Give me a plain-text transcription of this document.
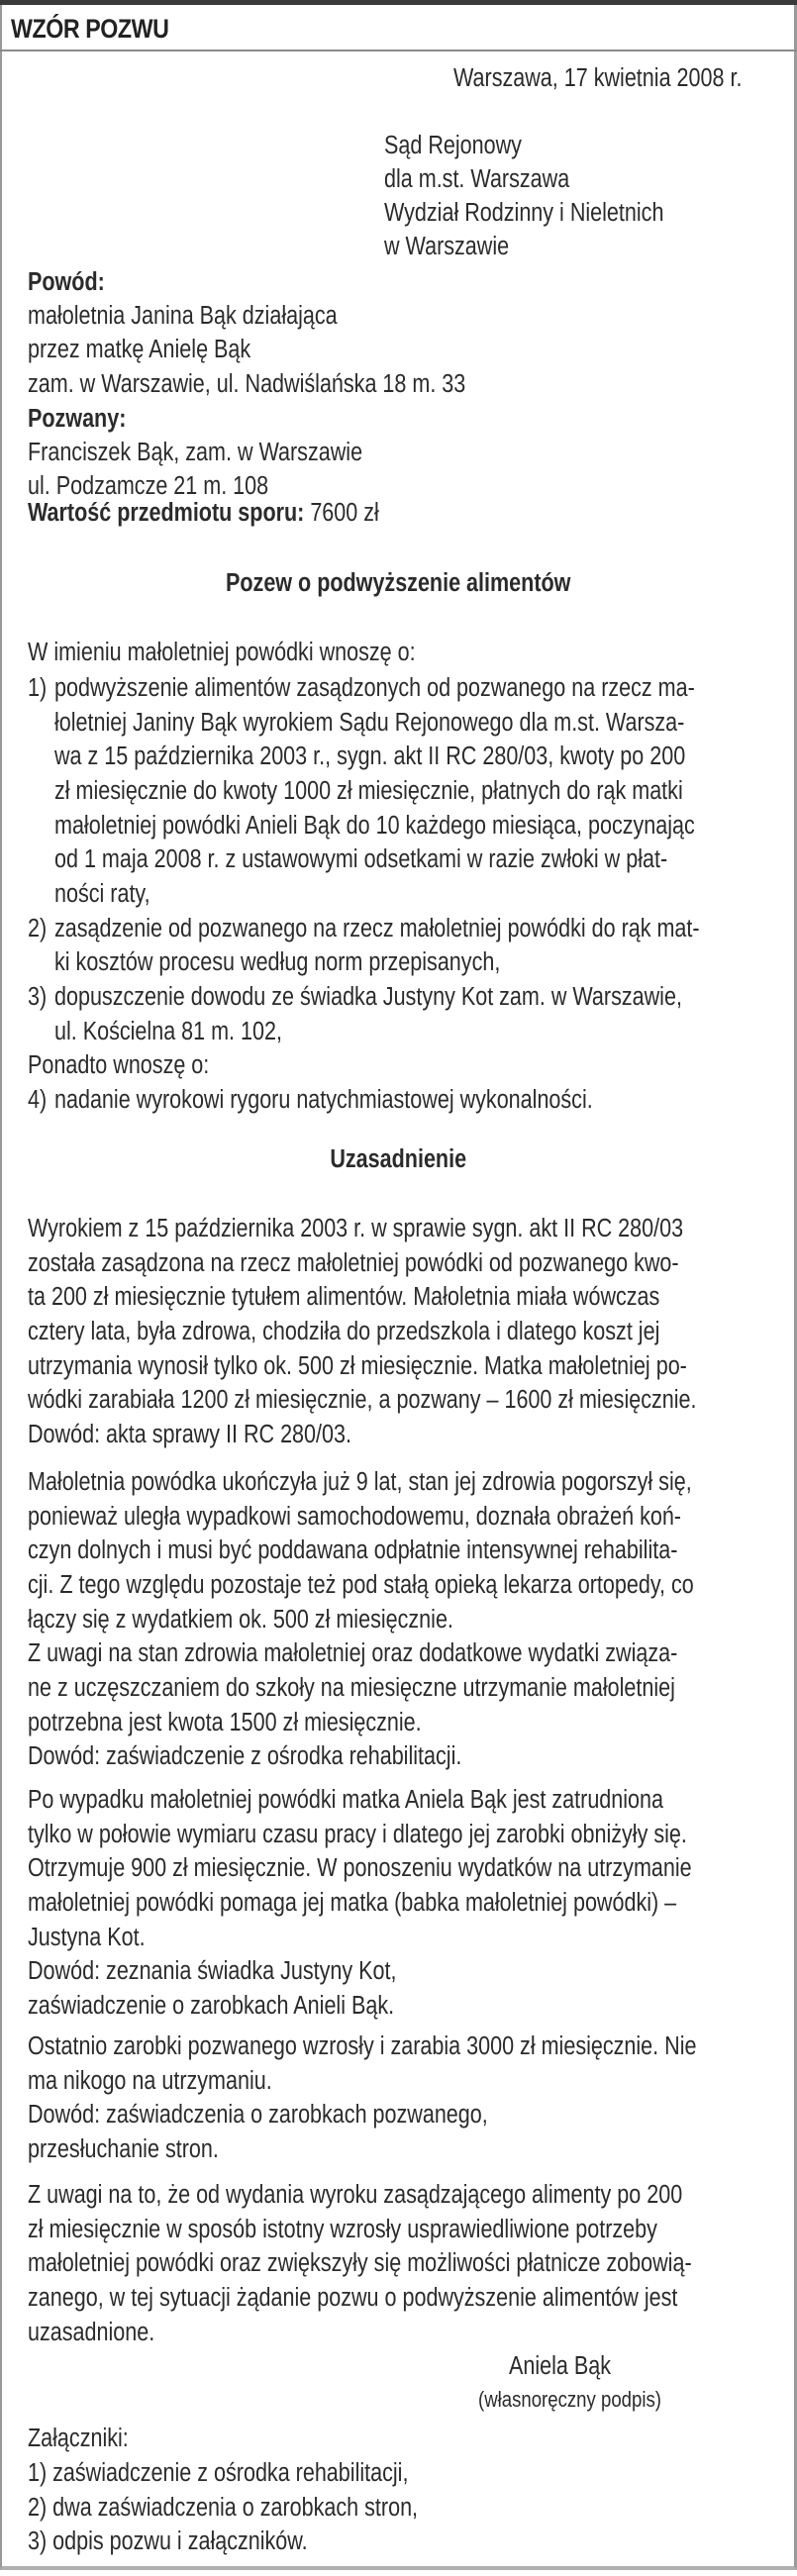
WZÓR POZWU
Warszawa, 17 kwietnia 2008 r.
Sąd Rejonowy
dla m.st. Warszawa
Wydział Rodzinny i Nieletnich
w Warszawie
Powód:
małoletnia Janina Bąk działająca
przez matkę Anielę Bąk
zam. w Warszawie, ul. Nadwiślańska 18 m. 33
Pozwany:
Franciszek Bąk, zam. w Warszawie
ul. Podzamcze 21 m. 108
Wartość przedmiotu sporu: 7600 zł
Pozew o podwyższenie alimentów
W imieniu małoletniej powódki wnoszę o:
1) podwyższenie alimentów zasądzonych od pozwanego na rzecz ma-
łoletniej Janiny Bąk wyrokiem Sądu Rejonowego dla m.st. Warsza-
wa z 15 października 2003 r., sygn. akt II RC 280/03, kwoty po 200
zł miesięcznie do kwoty 1000 zł miesięcznie, płatnych do rąk matki
małoletniej powódki Anieli Bąk do 10 każdego miesiąca, poczynając
od 1 maja 2008 r. z ustawowymi odsetkami w razie zwłoki w płat-
ności raty,
2) zasądzenie od pozwanego na rzecz małoletniej powódki do rąk mat-
ki kosztów procesu według norm przepisanych,
3) dopuszczenie dowodu ze świadka Justyny Kot zam. w Warszawie,
ul. Kościelna 81 m. 102,
Ponadto wnoszę o:
4) nadanie wyrokowi rygoru natychmiastowej wykonalności.
Uzasadnienie
Wyrokiem z 15 października 2003 r. w sprawie sygn. akt II RC 280/03
została zasądzona na rzecz małoletniej powódki od pozwanego kwo-
ta 200 zł miesięcznie tytułem alimentów. Małoletnia miała wówczas
cztery lata, była zdrowa, chodziła do przedszkola i dlatego koszt jej
utrzymania wynosił tylko ok. 500 zł miesięcznie. Matka małoletniej po-
wódki zarabiała 1200 zł miesięcznie, a pozwany – 1600 zł miesięcznie.
Dowód: akta sprawy II RC 280/03.
Małoletnia powódka ukończyła już 9 lat, stan jej zdrowia pogorszył się,
ponieważ uległa wypadkowi samochodowemu, doznała obrażeń koń-
czyn dolnych i musi być poddawana odpłatnie intensywnej rehabilita-
cji. Z tego względu pozostaje też pod stałą opieką lekarza ortopedy, co
łączy się z wydatkiem ok. 500 zł miesięcznie.
Z uwagi na stan zdrowia małoletniej oraz dodatkowe wydatki związa-
ne z uczęszczaniem do szkoły na miesięczne utrzymanie małoletniej
potrzebna jest kwota 1500 zł miesięcznie.
Dowód: zaświadczenie z ośrodka rehabilitacji.
Po wypadku małoletniej powódki matka Aniela Bąk jest zatrudniona
tylko w połowie wymiaru czasu pracy i dlatego jej zarobki obniżyły się.
Otrzymuje 900 zł miesięcznie. W ponoszeniu wydatków na utrzymanie
małoletniej powódki pomaga jej matka (babka małoletniej powódki) –
Justyna Kot.
Dowód: zeznania świadka Justyny Kot,
zaświadczenie o zarobkach Anieli Bąk.
Ostatnio zarobki pozwanego wzrosły i zarabia 3000 zł miesięcznie. Nie
ma nikogo na utrzymaniu.
Dowód: zaświadczenia o zarobkach pozwanego,
przesłuchanie stron.
Z uwagi na to, że od wydania wyroku zasądzającego alimenty po 200
zł miesięcznie w sposób istotny wzrosły usprawiedliwione potrzeby
małoletniej powódki oraz zwiększyły się możliwości płatnicze zobowią-
zanego, w tej sytuacji żądanie pozwu o podwyższenie alimentów jest
uzasadnione.
Aniela Bąk
(własnoręczny podpis)
Załączniki:
1) zaświadczenie z ośrodka rehabilitacji,
2) dwa zaświadczenia o zarobkach stron,
3) odpis pozwu i załączników.
